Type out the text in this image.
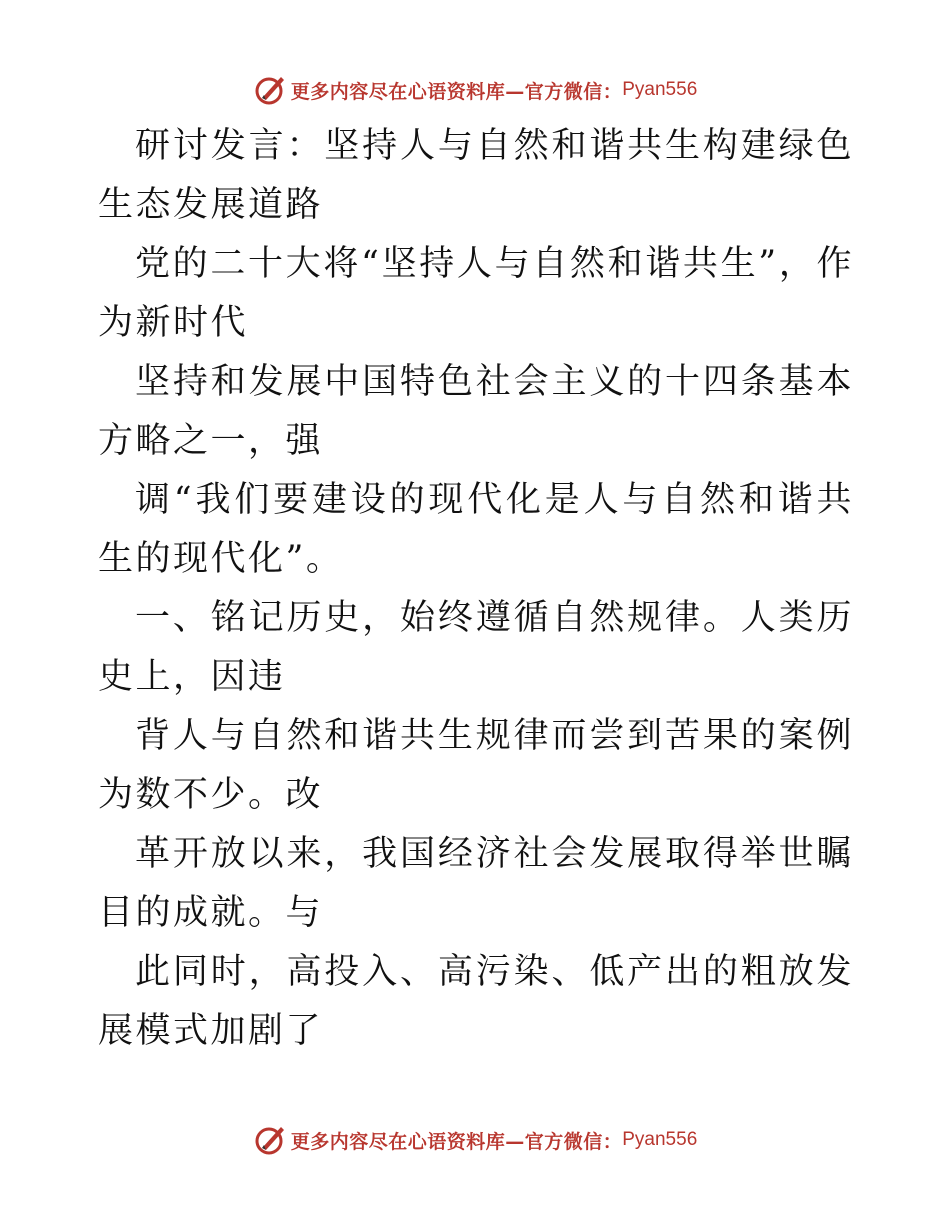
更多内容尽在心语资料库—官方微信： Pyan556

研讨发言：坚持人与自然和谐共生构建绿色生态发展道路

党的二十大将“坚持人与自然和谐共生”，作为新时代

坚持和发展中国特色社会主义的十四条基本方略之一，强

调“我们要建设的现代化是人与自然和谐共生的现代化”。

一、铭记历史，始终遵循自然规律。人类历史上，因违

背人与自然和谐共生规律而尝到苦果的案例为数不少。改

革开放以来，我国经济社会发展取得举世瞩目的成就。与

此同时，高投入、高污染、低产出的粗放发展模式加剧了

更多内容尽在心语资料库—官方微信： Pyan556
